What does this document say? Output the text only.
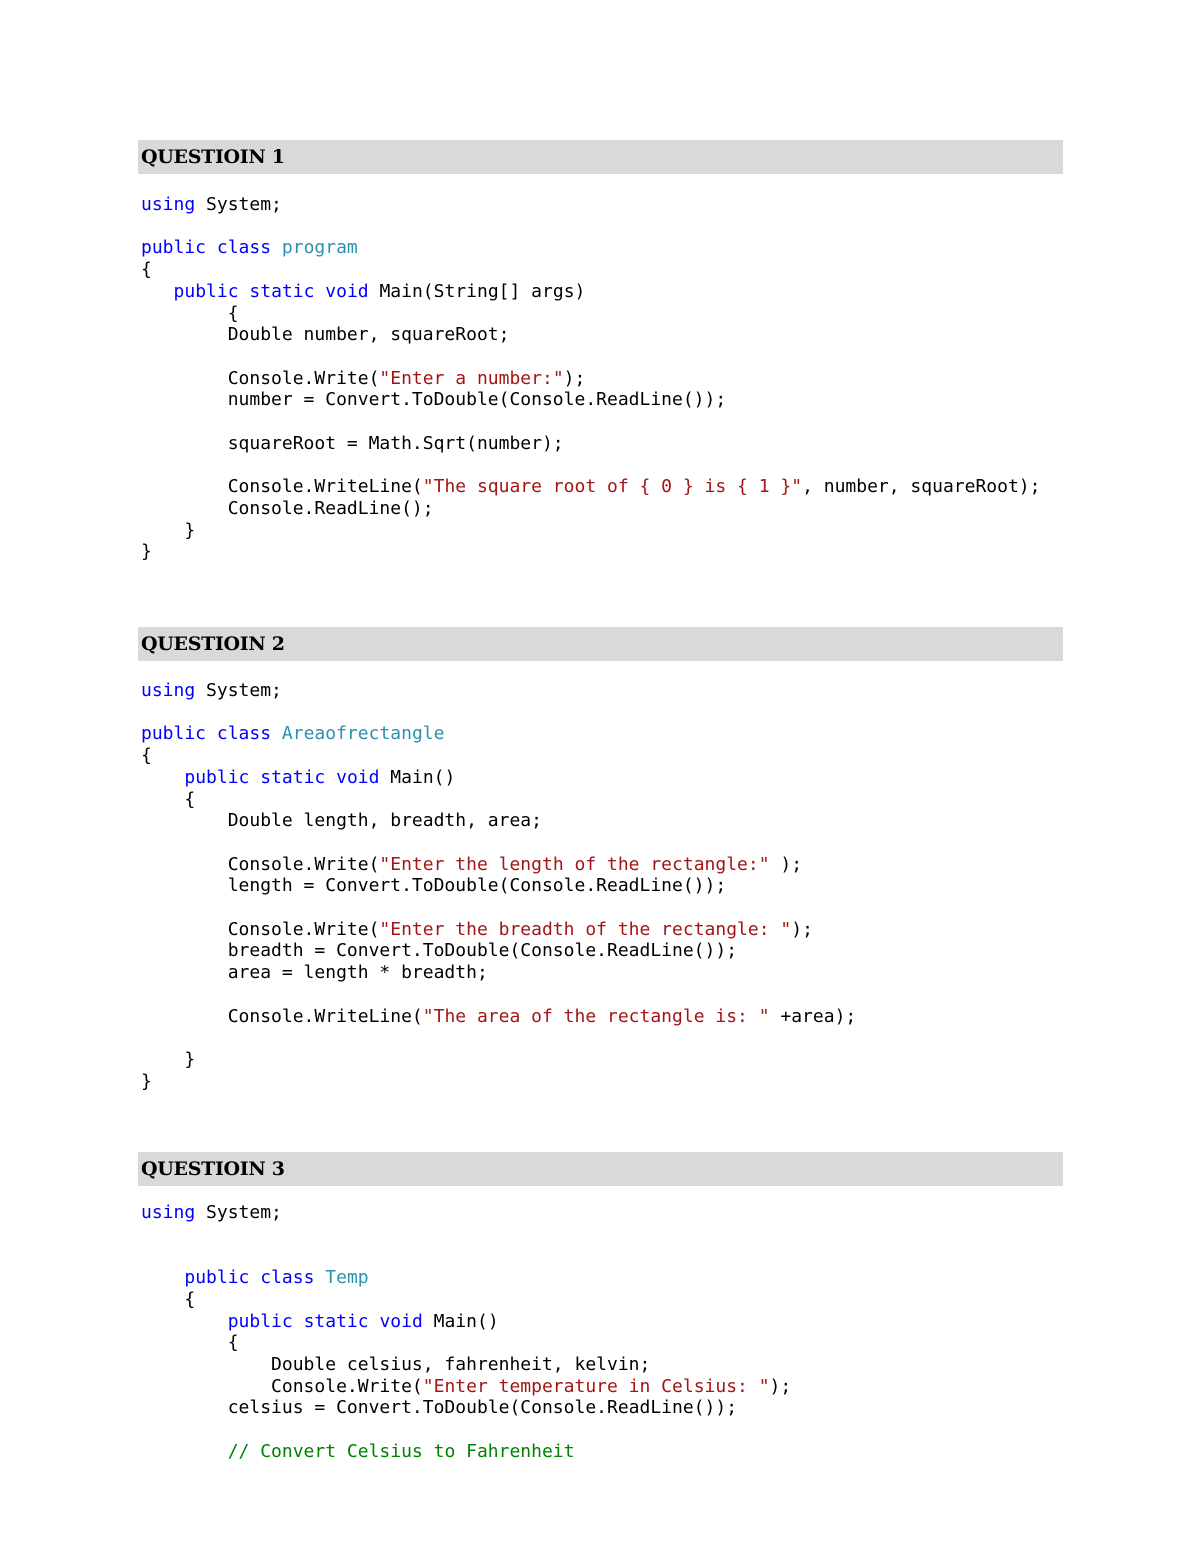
QUESTIOIN 1
using System;
public class program
{
public static void Main(String[] args)
{
Double number, squareRoot;
Console.Write("Enter a number:");
number = Convert.ToDouble(Console.ReadLine());
squareRoot = Math.Sqrt(number);
Console.WriteLine("The square root of { 0 } is { 1 }", number, squareRoot);
Console.ReadLine();
}
}
QUESTIOIN 2
using System;
public class Areaofrectangle
{
public static void Main()
{
Double length, breadth, area;
Console.Write("Enter the length of the rectangle:" );
length = Convert.ToDouble(Console.ReadLine());
Console.Write("Enter the breadth of the rectangle: ");
breadth = Convert.ToDouble(Console.ReadLine());
area = length * breadth;
Console.WriteLine("The area of the rectangle is: " +area);
}
}
QUESTIOIN 3
using System;
public class Temp
{
public static void Main()
{
Double celsius, fahrenheit, kelvin;
Console.Write("Enter temperature in Celsius: ");
celsius = Convert.ToDouble(Console.ReadLine());
// Convert Celsius to Fahrenheit
